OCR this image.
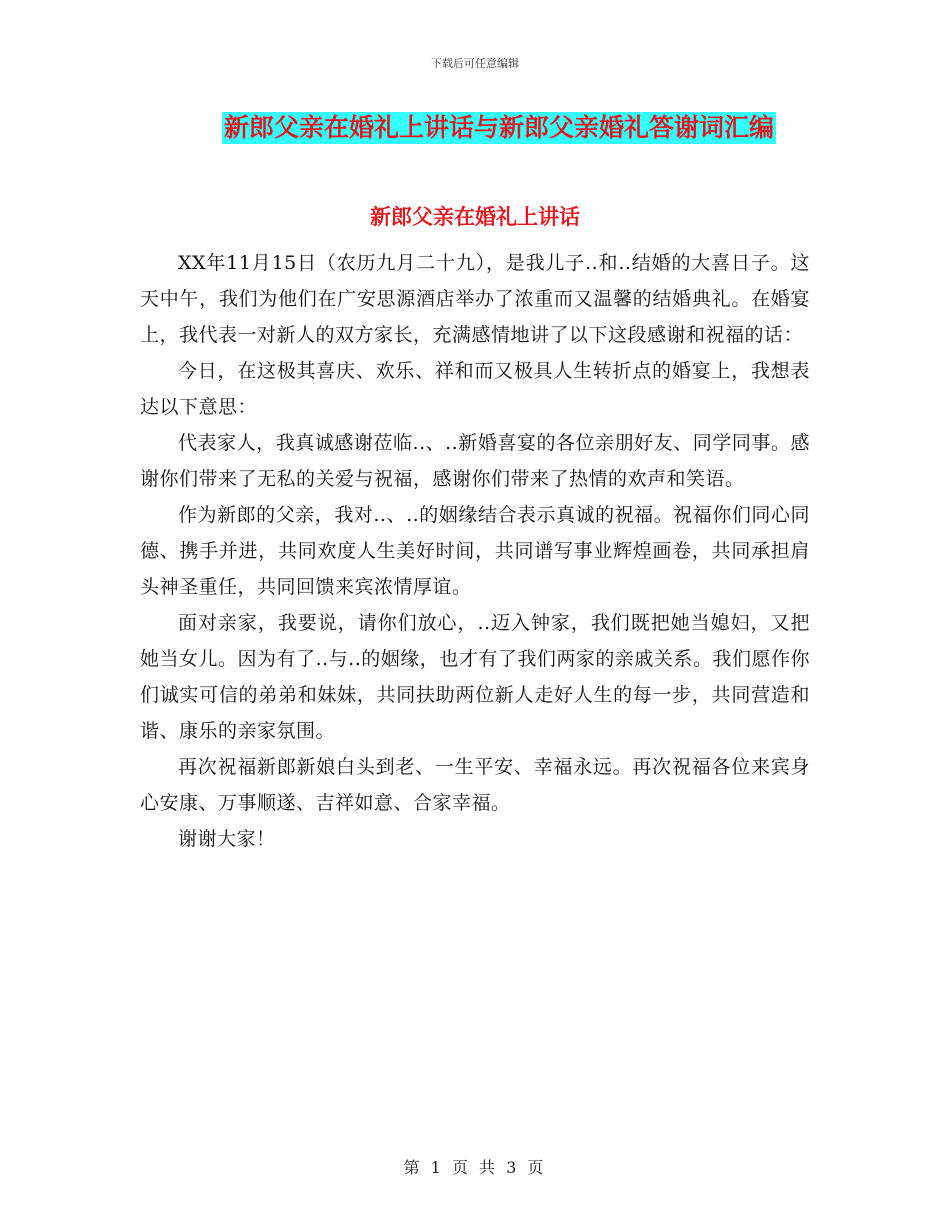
下载后可任意编辑
新郎父亲在婚礼上讲话与新郎父亲婚礼答谢词汇编
新郎父亲在婚礼上讲话

XX年11月15日（农历九月二十九），是我儿子..和..结婚的大喜日子。这天中午，我们为他们在广安思源酒店举办了浓重而又温馨的结婚典礼。在婚宴上，我代表一对新人的双方家长，充满感情地讲了以下这段感谢和祝福的话：

今日，在这极其喜庆、欢乐、祥和而又极具人生转折点的婚宴上，我想表达以下意思：

代表家人，我真诚感谢莅临..、..新婚喜宴的各位亲朋好友、同学同事。感谢你们带来了无私的关爱与祝福，感谢你们带来了热情的欢声和笑语。

作为新郎的父亲，我对..、..的姻缘结合表示真诚的祝福。祝福你们同心同德、携手并进，共同欢度人生美好时间，共同谱写事业辉煌画卷，共同承担肩头神圣重任，共同回馈来宾浓情厚谊。

面对亲家，我要说，请你们放心，..迈入钟家，我们既把她当媳妇，又把她当女儿。因为有了..与..的姻缘，也才有了我们两家的亲戚关系。我们愿作你们诚实可信的弟弟和妹妹，共同扶助两位新人走好人生的每一步，共同营造和谐、康乐的亲家氛围。

再次祝福新郎新娘白头到老、一生平安、幸福永远。再次祝福各位来宾身心安康、万事顺遂、吉祥如意、合家幸福。

谢谢大家！

第 1 页 共 3 页
